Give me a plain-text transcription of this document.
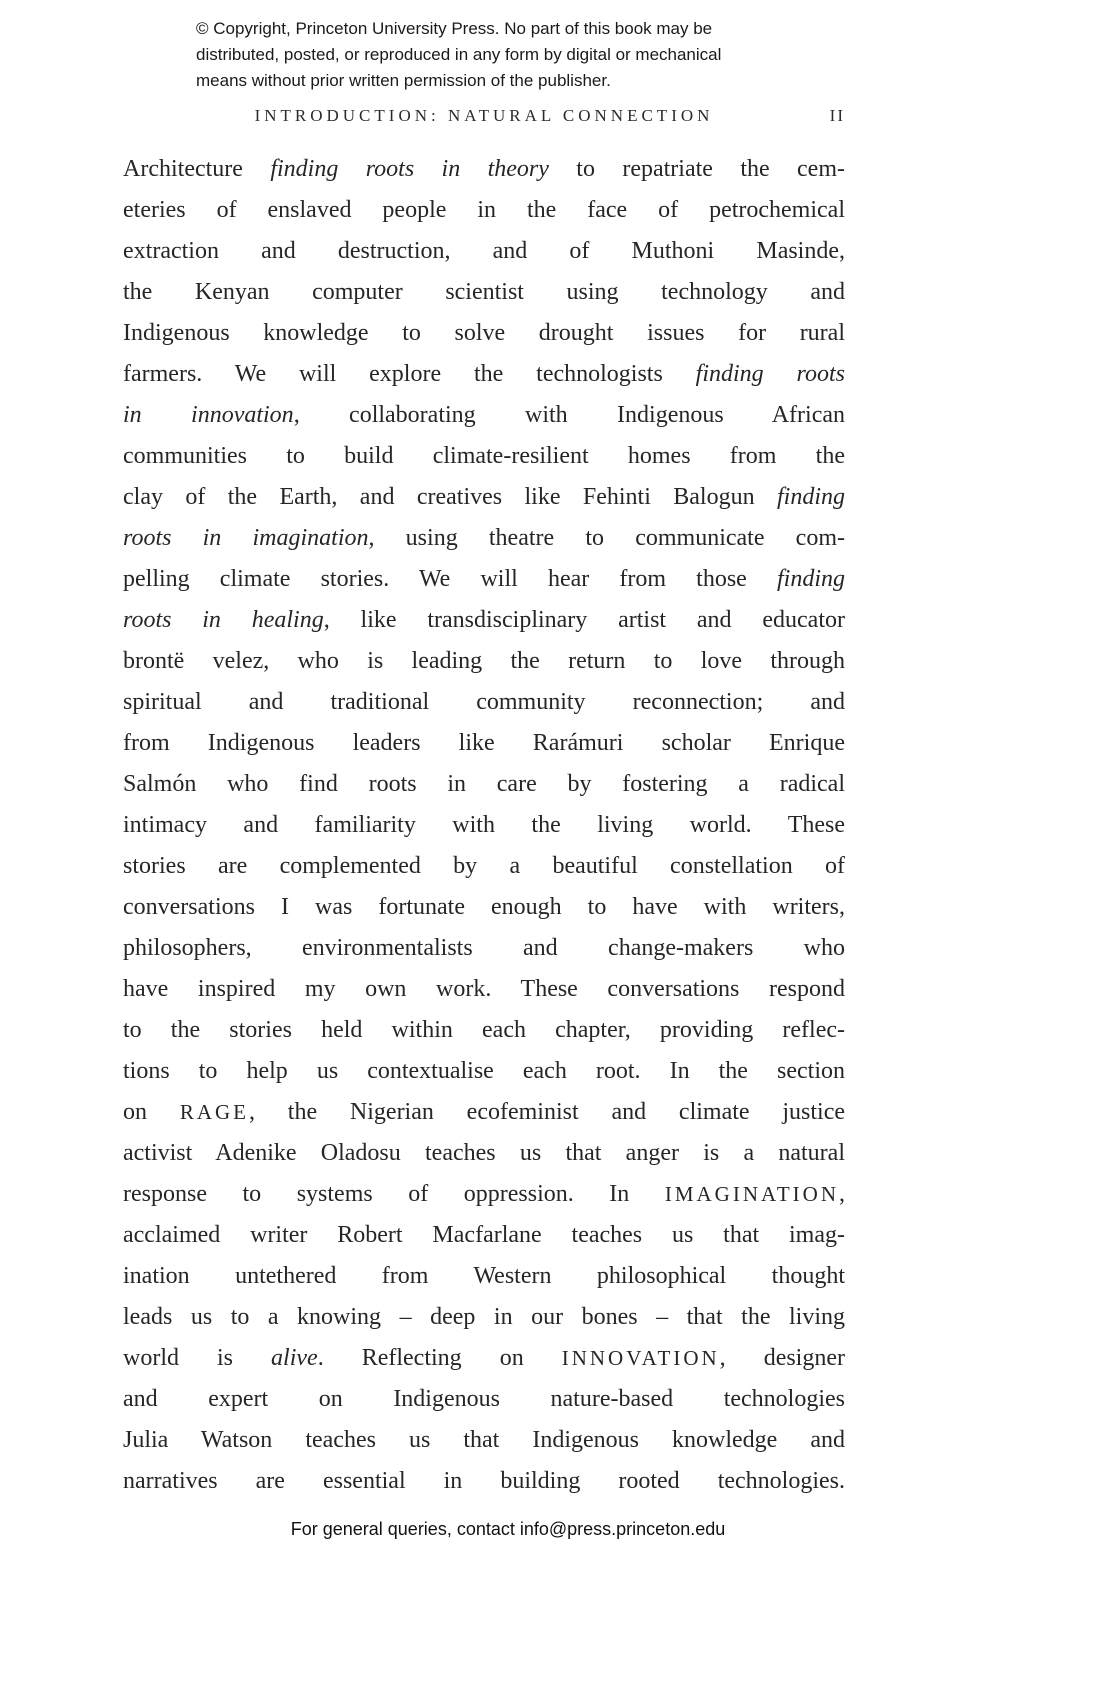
© Copyright, Princeton University Press. No part of this book may be
distributed, posted, or reproduced in any form by digital or mechanical
means without prior written permission of the publisher.
INTRODUCTION: NATURAL CONNECTION	II
Architecture finding roots in theory to repatriate the cem-
eteries of enslaved people in the face of petrochemical
extraction and destruction, and of Muthoni Masinde,
the Kenyan computer scientist using technology and
Indigenous knowledge to solve drought issues for rural
farmers. We will explore the technologists finding roots
in innovation, collaborating with Indigenous African
communities to build climate-resilient homes from the
clay of the Earth, and creatives like Fehinti Balogun finding
roots in imagination, using theatre to communicate com-
pelling climate stories. We will hear from those finding
roots in healing, like transdisciplinary artist and educator
brontë velez, who is leading the return to love through
spiritual and traditional community reconnection; and
from Indigenous leaders like Rarámuri scholar Enrique
Salmón who find roots in care by fostering a radical
intimacy and familiarity with the living world. These
stories are complemented by a beautiful constellation of
conversations I was fortunate enough to have with writers,
philosophers, environmentalists and change-makers who
have inspired my own work. These conversations respond
to the stories held within each chapter, providing reflec-
tions to help us contextualise each root. In the section
on RAGE, the Nigerian ecofeminist and climate justice
activist Adenike Oladosu teaches us that anger is a natural
response to systems of oppression. In IMAGINATION,
acclaimed writer Robert Macfarlane teaches us that imag-
ination untethered from Western philosophical thought
leads us to a knowing – deep in our bones – that the living
world is alive. Reflecting on INNOVATION, designer
and expert on Indigenous nature-based technologies
Julia Watson teaches us that Indigenous knowledge and
narratives are essential in building rooted technologies.
For general queries, contact info@press.princeton.edu
